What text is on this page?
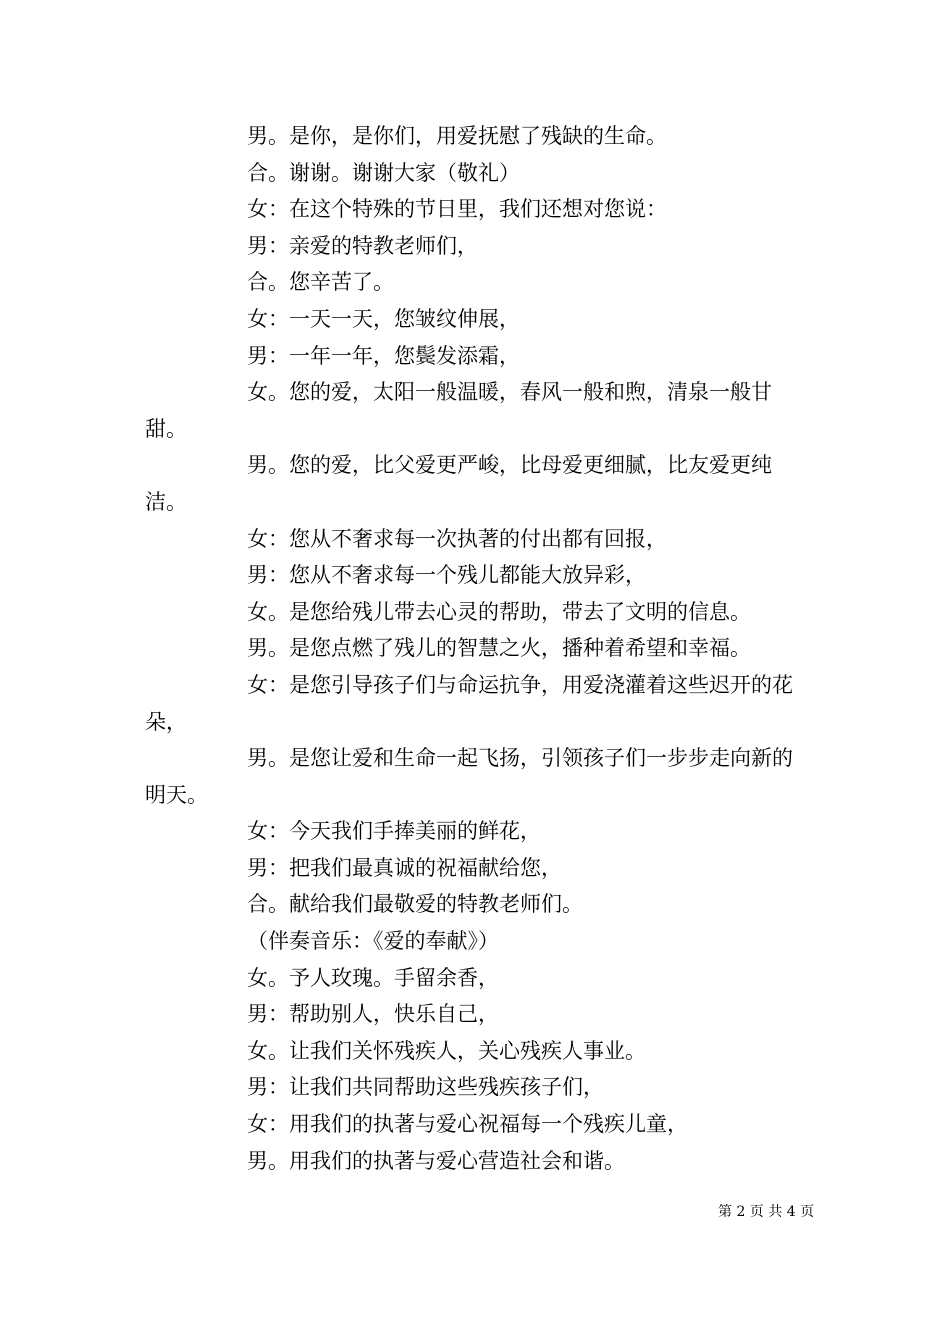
男。是你，是你们，用爱抚慰了残缺的生命。

合。谢谢。谢谢大家（敬礼）

女：在这个特殊的节日里，我们还想对您说：

男：亲爱的特教老师们，

合。您辛苦了。

女：一天一天，您皱纹伸展，

男：一年一年，您鬓发添霜，

女。您的爱，太阳一般温暖，春风一般和煦，清泉一般甘甜。

男。您的爱，比父爱更严峻，比母爱更细腻，比友爱更纯洁。

女：您从不奢求每一次执著的付出都有回报，

男：您从不奢求每一个残儿都能大放异彩，

女。是您给残儿带去心灵的帮助，带去了文明的信息。

男。是您点燃了残儿的智慧之火，播种着希望和幸福。

女：是您引导孩子们与命运抗争，用爱浇灌着这些迟开的花朵，

男。是您让爱和生命一起飞扬，引领孩子们一步步走向新的明天。

女：今天我们手捧美丽的鲜花，

男：把我们最真诚的祝福献给您，

合。献给我们最敬爱的特教老师们。

（伴奏音乐：《爱的奉献》）

女。予人玫瑰。手留余香，

男：帮助别人，快乐自己，

女。让我们关怀残疾人，关心残疾人事业。

男：让我们共同帮助这些残疾孩子们，

女：用我们的执著与爱心祝福每一个残疾儿童，

男。用我们的执著与爱心营造社会和谐。

第 2 页 共 4 页
